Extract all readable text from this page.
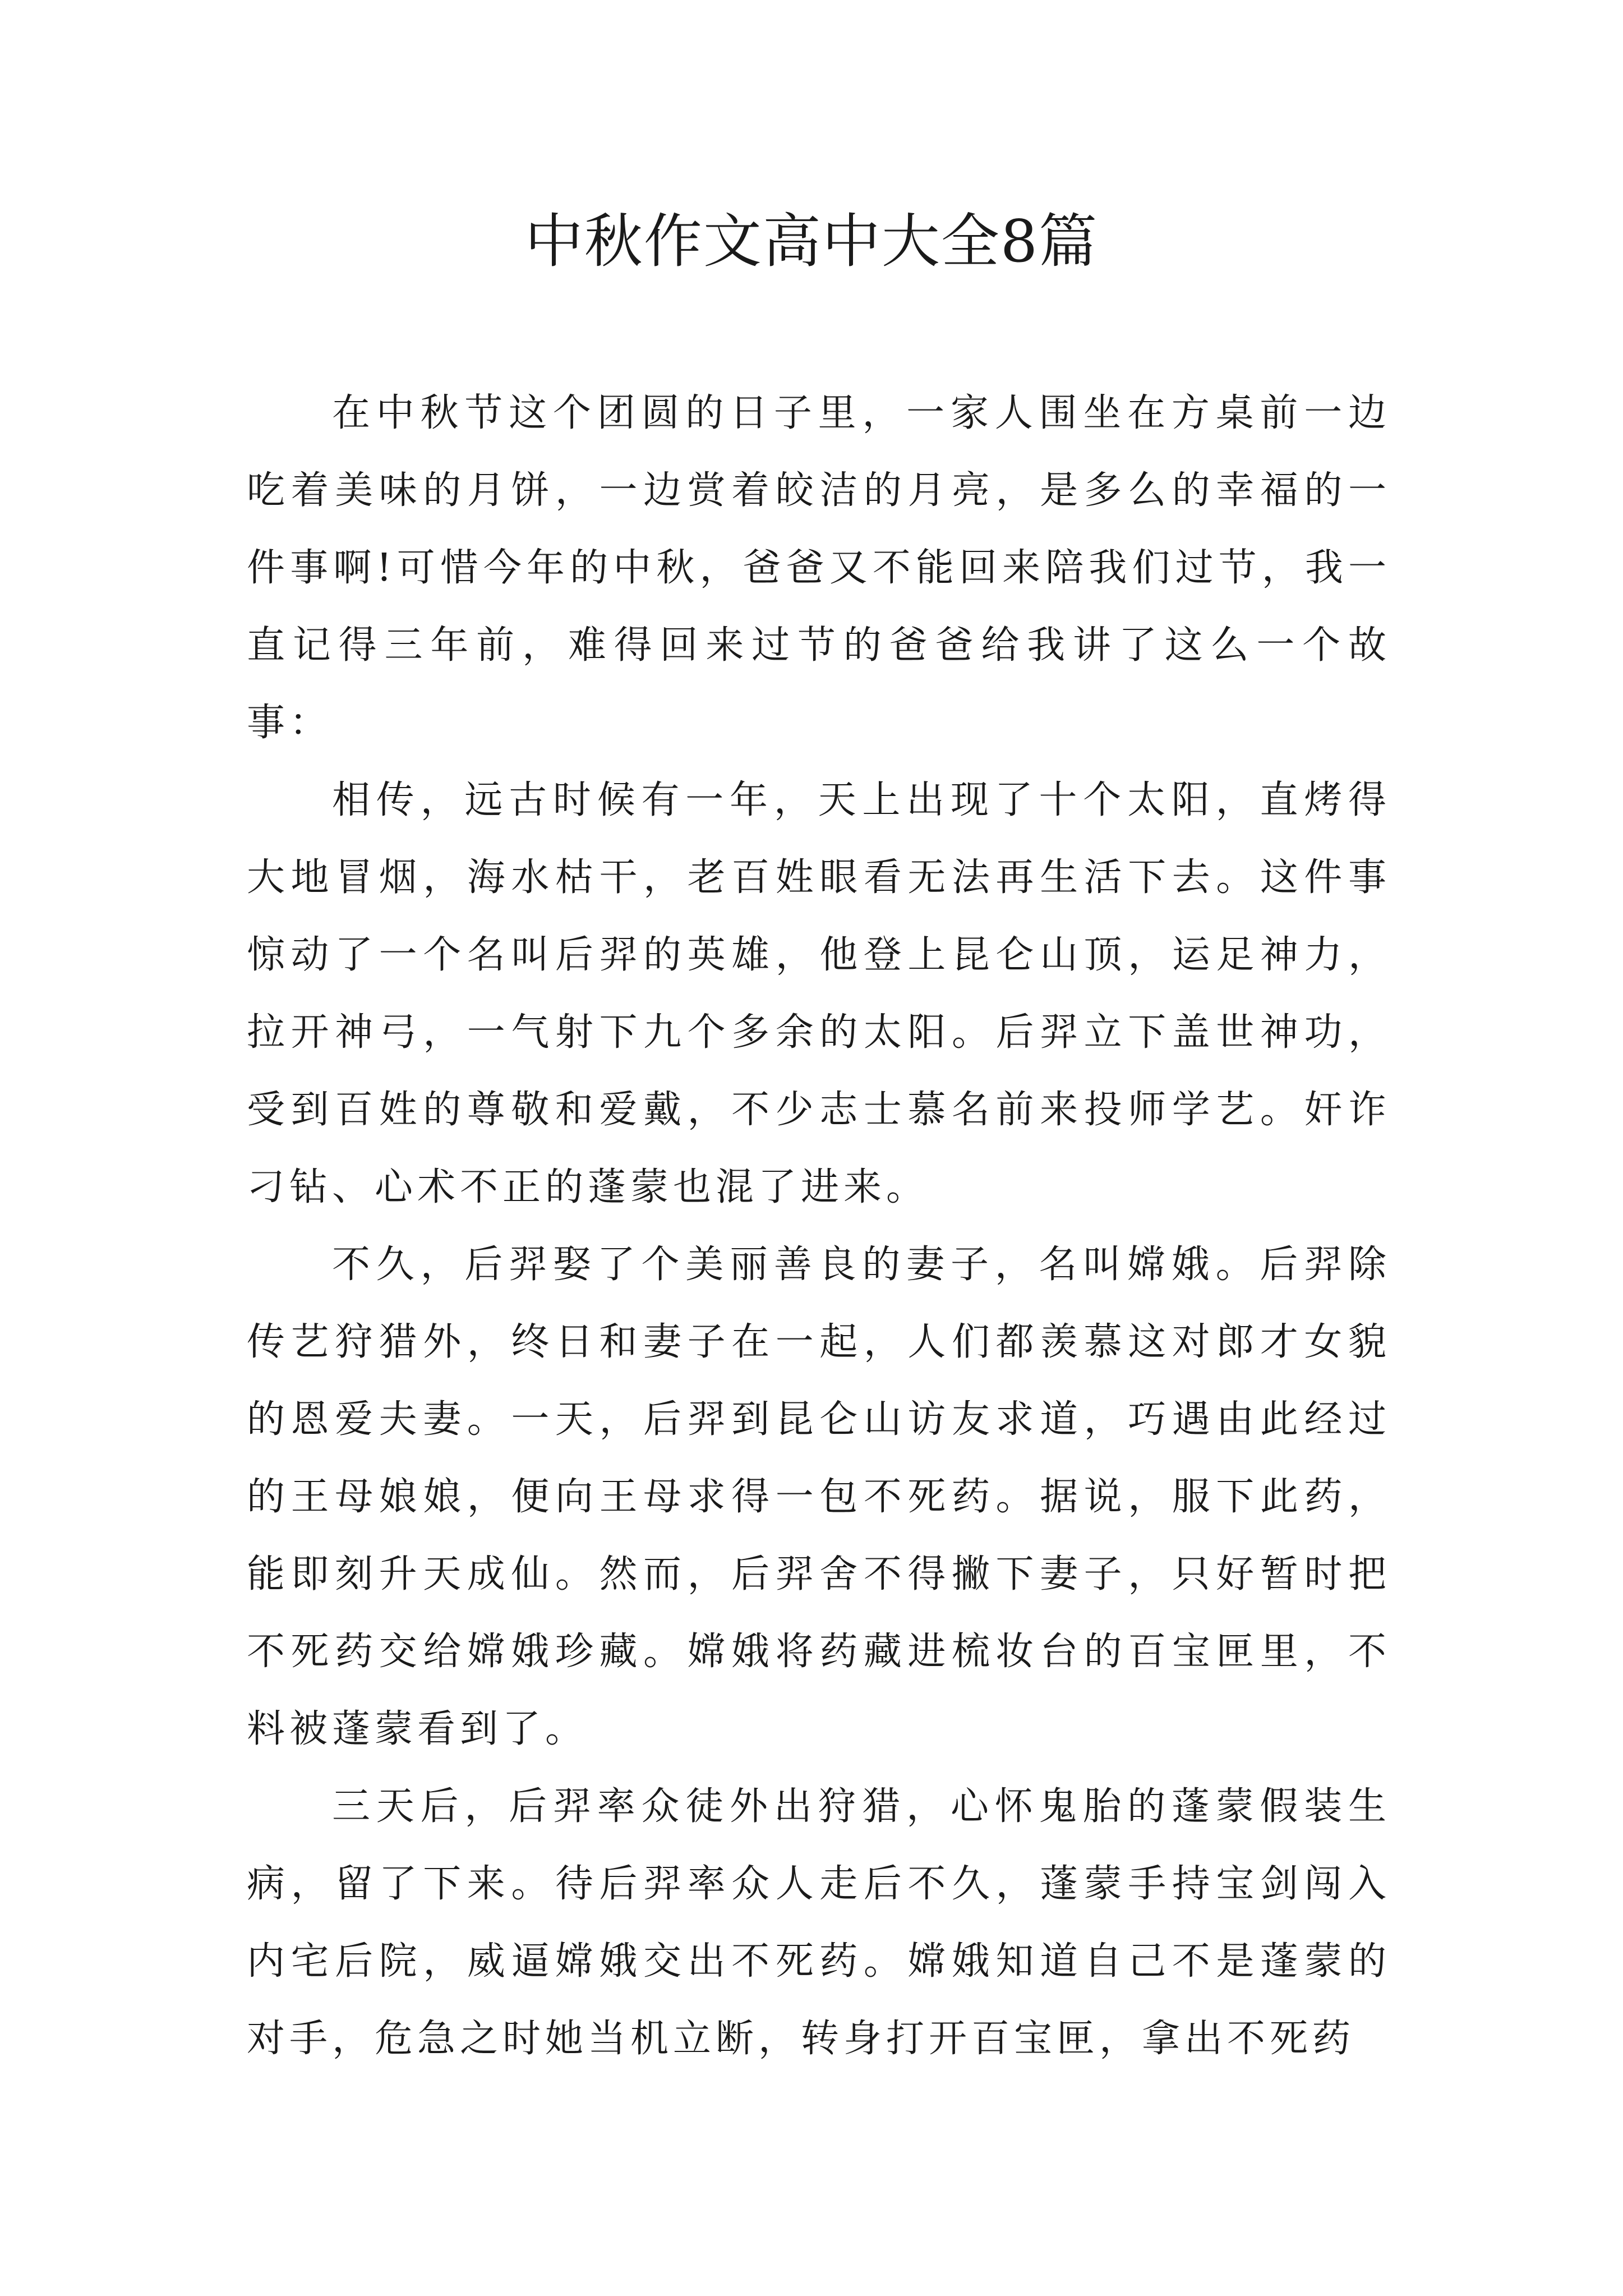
中秋作文高中大全8篇

在中秋节这个团圆的日子里，一家人围坐在方桌前一边吃着美味的月饼，一边赏着皎洁的月亮，是多么的幸福的一件事啊!可惜今年的中秋，爸爸又不能回来陪我们过节，我一直记得三年前，难得回来过节的爸爸给我讲了这么一个故事：

相传，远古时候有一年，天上出现了十个太阳，直烤得大地冒烟，海水枯干，老百姓眼看无法再生活下去。这件事惊动了一个名叫后羿的英雄，他登上昆仑山顶，运足神力，拉开神弓，一气射下九个多余的太阳。后羿立下盖世神功，受到百姓的尊敬和爱戴，不少志士慕名前来投师学艺。奸诈刁钻、心术不正的蓬蒙也混了进来。

不久，后羿娶了个美丽善良的妻子，名叫嫦娥。后羿除传艺狩猎外，终日和妻子在一起，人们都羡慕这对郎才女貌的恩爱夫妻。一天，后羿到昆仑山访友求道，巧遇由此经过的王母娘娘，便向王母求得一包不死药。据说，服下此药，能即刻升天成仙。然而，后羿舍不得撇下妻子，只好暂时把不死药交给嫦娥珍藏。嫦娥将药藏进梳妆台的百宝匣里，不料被蓬蒙看到了。

三天后，后羿率众徒外出狩猎，心怀鬼胎的蓬蒙假装生病，留了下来。待后羿率众人走后不久，蓬蒙手持宝剑闯入内宅后院，威逼嫦娥交出不死药。嫦娥知道自己不是蓬蒙的对手，危急之时她当机立断，转身打开百宝匣，拿出不死药
